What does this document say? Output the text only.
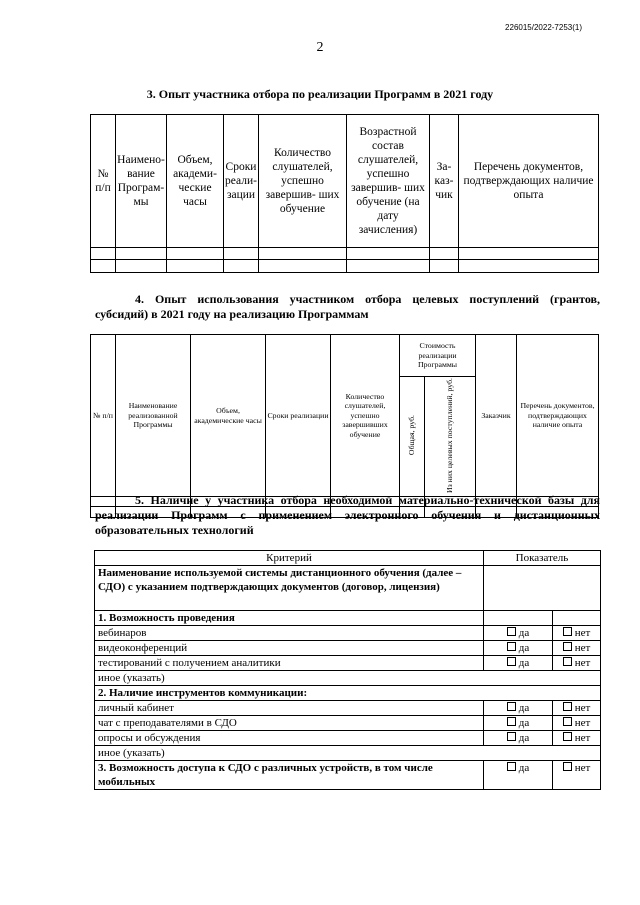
226015/2022-7253(1)
2
3. Опыт участника отбора по реализации Программ в 2021 году
№ п/п	Наимено- вание Програм- мы	Объем, академи- ческие часы	Сроки реали- зации	Количество слушателей, успешно завершив- ших обучение	Возрастной состав слушателей, успешно завершив- ших обучение (на дату зачисления)	За- каз- чик	Перечень документов, подтверждающих наличие опыта

4. Опыт использования участником отбора целевых поступлений (грантов, субсидий) в 2021 году на реализацию Программам
№ п/п	Наименование реализованной Программы	Объем, академические часы	Сроки реализации	Количество слушателей, успешно завершивших обучение	Стоимость реализации Программы		Заказчик	Перечень документов, подтверждающих наличие опыта
					Общая, руб.	Из них целевых поступлений, руб.		

5. Наличие у участника отбора необходимой материально-технической базы для реализации Программ с применением электронного обучения и дистанционных образовательных технологий
Критерий	Показатель	
Наименование используемой системы дистанционного обучения (далее – СДО) с указанием подтверждающих документов (договор, лицензия)		
1. Возможность проведения		
вебинаров	да	нет
видеоконференций	да	нет
тестирований с получением аналитики	да	нет
иное (указать)		
2. Наличие инструментов коммуникации:		
личный кабинет	да	нет
чат с преподавателями в СДО	да	нет
опросы и обсуждения	да	нет
иное (указать)		
3. Возможность доступа к СДО с различных устройств, в том числе мобильных	да	нет
